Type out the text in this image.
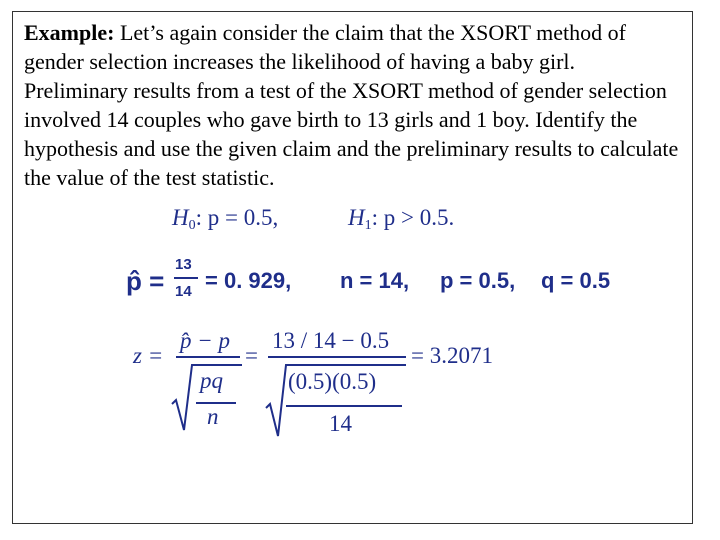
Example: Let’s again consider the claim that the XSORT method of gender selection increases the likelihood of having a baby girl. Preliminary results from a test of the XSORT method of gender selection involved 14 couples who gave birth to 13 girls and 1 boy. Identify the hypothesis and use the given claim and the preliminary results to calculate the value of the test statistic.

$H_0$: p = 0.5,	$H_1$: p > 0.5.
p̂ =
13
14 = 0. 929, n = 14, p = 0.5, q = 0.5
z =
p̂ − p
pq
n
=
13 / 14 − 0.5
(0.5)(0.5)
14
= 3.2071
